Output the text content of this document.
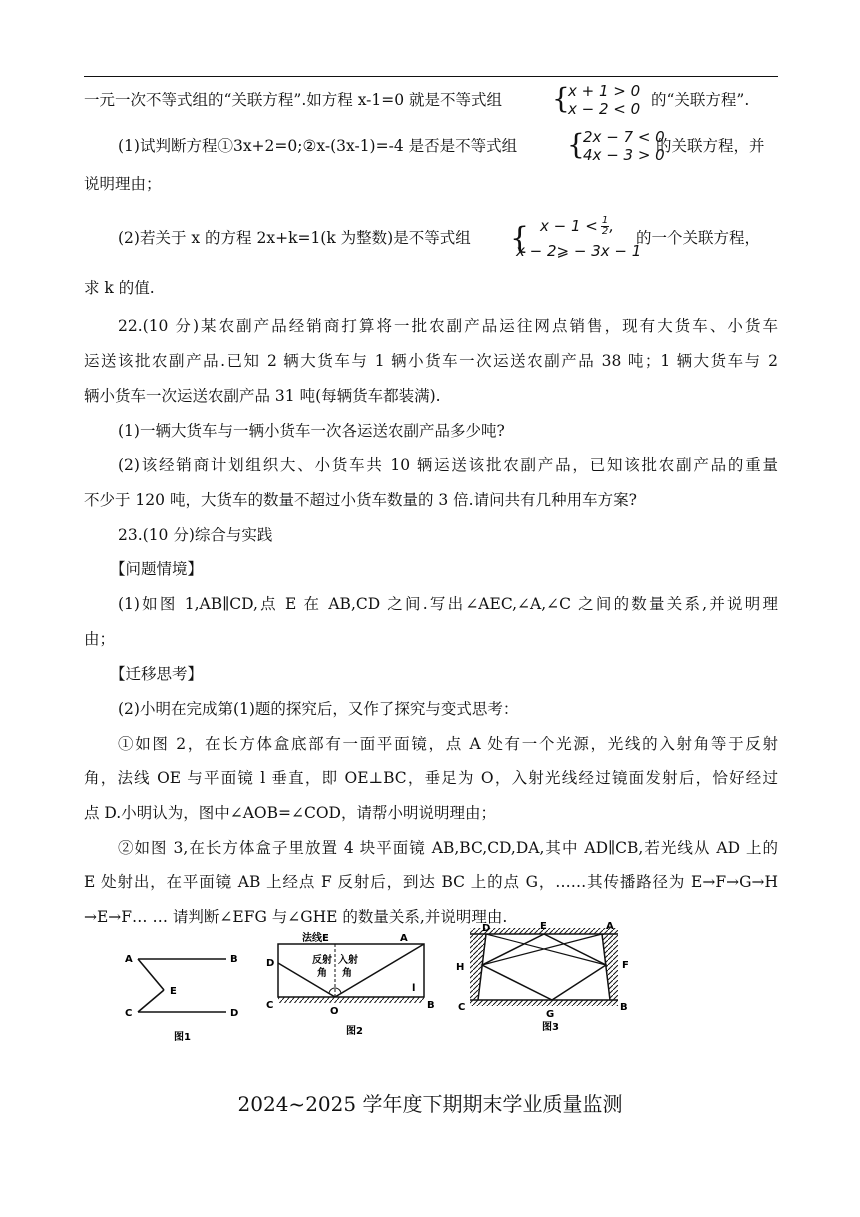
一元一次不等式组的“关联方程”.如方程 x-1=0 就是不等式组	{
x + 1 > 0
x − 2 < 0 的“关联方程”.
(1)试判断方程①3x+2=0;②x-(3x-1)=-4 是否是不等式组	{
2x − 7 < 0
4x − 3 > 0
的关联方程，并
说明理由；
(2)若关于 x 的方程 2x+k=1(k 为整数)是不等式组	{ $x - 1 < \frac{1}{2}$ ,
x − 2⩾ − 3x − 1
的一个关联方程，
求 k 的值.
22.(10 分)某农副产品经销商打算将一批农副产品运往网点销售，现有大货车、小货车
运送该批农副产品.已知 2 辆大货车与 1 辆小货车一次运送农副产品 38 吨；1 辆大货车与 2
辆小货车一次运送农副产品 31 吨(每辆货车都装满).
(1)一辆大货车与一辆小货车一次各运送农副产品多少吨?
(2)该经销商计划组织大、小货车共 10 辆运送该批农副产品，已知该批农副产品的重量
不少于 120 吨，大货车的数量不超过小货车数量的 3 倍.请问共有几种用车方案?
23.(10 分)综合与实践
【问题情境】
(1)如图 1,AB∥CD,点 E 在 AB,CD 之间.写出∠AEC,∠A,∠C 之间的数量关系,并说明理
由；
【迁移思考】
(2)小明在完成第(1)题的探究后，又作了探究与变式思考：
①如图 2，在长方体盒底部有一面平面镜，点 A 处有一个光源，光线的入射角等于反射
角，法线 OE 与平面镜 l 垂直，即 OE⊥BC，垂足为 O，入射光线经过镜面发射后，恰好经过
点 D.小明认为，图中∠AOB=∠COD，请帮小明说明理由；
②如图 3,在长方体盒子里放置 4 块平面镜 AB,BC,CD,DA,其中 AD∥CB,若光线从 AD 上的
E 处射出，在平面镜 AB 上经点 F 反射后，到达 BC 上的点 G，……其传播路径为 E→F→G→H
→E→F… … 请判断∠EFG 与∠GHE 的数量关系,并说明理由.
A	B
E
C	D
图1
法线E	A
D	反射
角
入射
角
l
C
O
B
图2
D	E	A
H	F
C
G
B
图3
2024~2025 学年度下期期末学业质量监测
